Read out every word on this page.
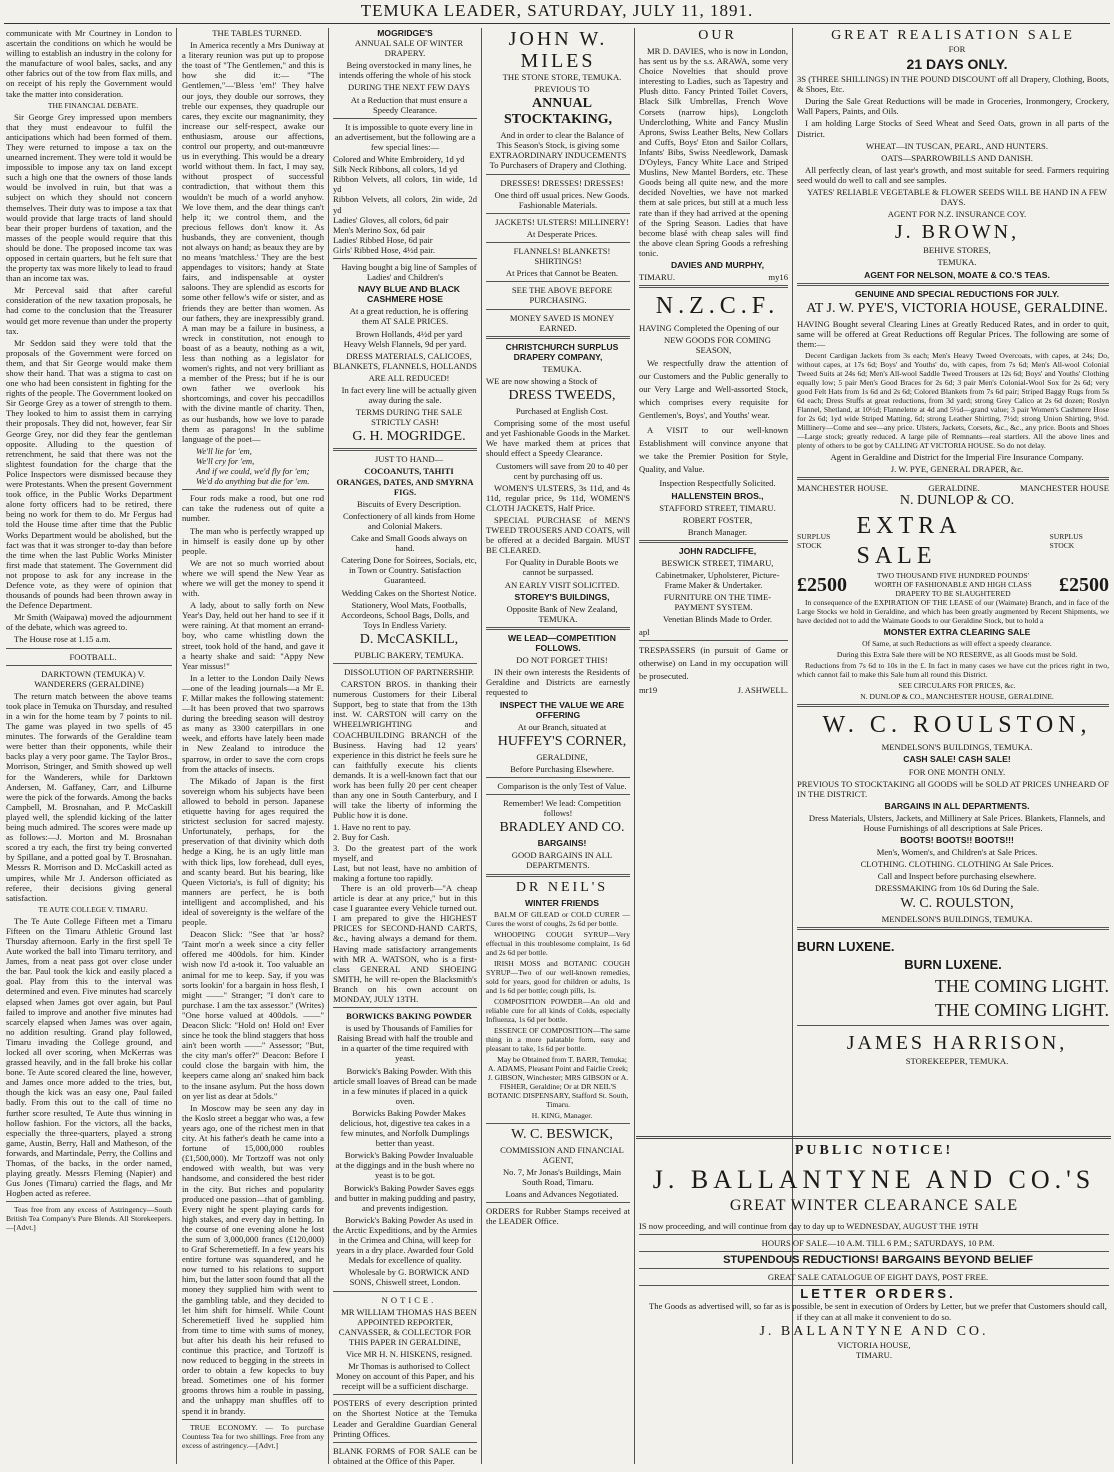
TEMUKA LEADER, SATURDAY, JULY 11, 1891.

communicate with Mr Courtney in London to ascertain the conditions on which he would be willing to establish an industry in the colony for the manufacture of wool bales, sacks, and any other fabrics out of the tow from flax mills, and on receipt of his reply the Government would take the matter into consideration.

THE FINANCIAL DEBATE.

Sir George Grey impressed upon members that they must endeavour to fulfil the anticipations which had been formed of them. They were returned to impose a tax on the unearned increment. They were told it would be impossible to impose any tax on land except such a high one that the owners of those lands would be involved in ruin, but that was a subject on which they should not concern themselves. Their duty was to impose a tax that would provide that large tracts of land should bear their proper burdens of taxation, and the masses of the people would require that this should be done. The proposed income tax was opposed in certain quarters, but he felt sure that the property tax was more likely to lead to fraud than an income tax was.

Mr Perceval said that after careful consideration of the new taxation proposals, he had come to the conclusion that the Treasurer would get more revenue than under the property tax.

Mr Seddon said they were told that the proposals of the Government were forced on them, and that Sir George would make them show their hand. That was a stigma to cast on one who had been consistent in fighting for the rights of the people. The Government looked on Sir George Grey as a tower of strength to them. They looked to him to assist them in carrying their proposals. They did not, however, fear Sir George Grey, nor did they fear the gentleman opposite. Alluding to the question of retrenchment, he said that there was not the slightest foundation for the charge that the Police Inspectors were dismissed because they were Protestants. When the present Government took office, in the Public Works Department alone forty officers had to be retired, there being no work for them to do. Mr Fergus had told the House time after time that the Public Works Department would be abolished, but the fact was that it was stronger to-day than before the time when the last Public Works Minister first made that statement. The Government did not propose to ask for any increase in the Defence vote, as they were of opinion that thousands of pounds had been thrown away in the Defence Department.

Mr Smith (Waipawa) moved the adjournment of the debate, which was agreed to.

The House rose at 1.15 a.m.

FOOTBALL.

DARKTOWN (TEMUKA) V. WANDERERS (GERALDINE)

The return match between the above teams took place in Temuka on Thursday, and resulted in a win for the home team by 7 points to nil. The game was played in two spells of 45 minutes. The forwards of the Geraldine team were better than their opponents, while their backs play a very poor game. The Taylor Bros., Morrison, Stringer, and Smith showed up well for the Wanderers, while for Darktown Andersen, M. Gaffaney, Carr, and Lilburne were the pick of the forwards. Among the backs Campbell, M. Brosnahan, and P. McCaskill played well, the splendid kicking of the latter being much admired. The scores were made up as follows:—J. Morton and M. Brosnahan scored a try each, the first try being converted by Spillane, and a potted goal by T. Brosnahan. Messrs R. Morrison and D. McCaskill acted as umpires, while Mr J. Anderson officiated as referee, their decisions giving general satisfaction.

TE AUTE COLLEGE V. TIMARU.

The Te Aute College Fifteen met a Timaru Fifteen on the Timaru Athletic Ground last Thursday afternoon. Early in the first spell Te Aute worked the ball into Timaru territory, and James, from a neat pass got over close under the bar. Paul took the kick and easily placed a goal. Play from this to the interval was determined and even. Five minutes had scarcely elapsed when James got over again, but Paul failed to improve and another five minutes had scarcely elapsed when James was over again, no addition resulting. Grand play followed, Timaru invading the College ground, and locked all over scoring, when McKerras was grassed heavily, and in the fall broke his collar bone. Te Aute scored cleared the line, however, and James once more added to the tries, but, though the kick was an easy one, Paul failed badly. From this out to the call of time no further score resulted, Te Aute thus winning in hollow fashion. For the victors, all the backs, especially the three-quarters, played a strong game, Austin, Berry, Hall and Matheson, of the forwards, and Martindale, Perry, the Collins and Thomas, of the backs, in the order named, playing greatly. Messrs Fleming (Napier) and Gus Jones (Timaru) carried the flags, and Mr Hogben acted as referee.

Teas free from any excess of Astringency—South British Tea Company's Pure Blends. All Storekeepers.—[Advt.]

THE TABLES TURNED.

In America recently a Mrs Duniway at a literary reunion was put up to propose the toast of "The Gentlemen," and this is how she did it:— "The Gentlemen,"—'Bless 'em!' They halve our joys, they double our sorrows, they treble our expenses, they quadruple our cares, they excite our magnanimity, they increase our self-respect, awake our enthusiasm, arouse our affections, control our property, and out-manœuvre us in everything. This would be a dreary world without them. In fact, I may say, without prospect of successful contradiction, that without them this wouldn't be much of a world anyhow. We love them, and the dear things can't help it; we control them, and the precious fellows don't know it. As husbands, they are convenient, though not always on hand; as beaux they are by no means 'matchless.' They are the best appendages to visitors; handy at State fairs, and indispensable at oyster saloons. They are splendid as escorts for some other fellow's wife or sister, and as friends they are better than women. As our fathers, they are inexpressibly grand. A man may be a failure in business, a wreck in constitution, not enough to boast of as a beauty, nothing as a wit, less than nothing as a legislator for women's rights, and not very brilliant as a member of the Press; but if he is our own father we overlook his shortcomings, and cover his peccadillos with the divine mantle of charity. Then, as our husbands, how we love to parade them as paragons! In the sublime language of the poet—

We'll lie for 'em,
We'll cry for 'em,
And if we could, we'd fly for 'em;
We'd do anything but die for 'em.

Four rods make a rood, but one rod can take the rudeness out of quite a number.

The man who is perfectly wrapped up in himself is easily done up by other people.

We are not so much worried about where we will spend the New Year as where we will get the money to spend it with.

A lady, about to sally forth on New Year's Day, held out her hand to see if it were raining. At that moment an errand-boy, who came whistling down the street, took hold of the hand, and gave it a hearty shake and said: "Appy New Year missus!"

In a letter to the London Daily News—one of the leading journals—a Mr E. F. Millar makes the following statement:—It has been proved that two sparrows during the breeding season will destroy as many as 3300 caterpillars in one week, and efforts have lately been made in New Zealand to introduce the sparrow, in order to save the corn crops from the attacks of insects.

The Mikado of Japan is the first sovereign whom his subjects have been allowed to behold in person. Japanese etiquette having for ages required the strictest seclusion for sacred majesty. Unfortunately, perhaps, for the preservation of that divinity which doth hedge a King, he is an ugly little man with thick lips, low forehead, dull eyes, and scanty beard. But his bearing, like Queen Victoria's, is full of dignity; his manners are perfect, he is both intelligent and accomplished, and his ideal of sovereignty is the welfare of the people.

Deacon Slick: "See that 'ar hoss? 'Taint mor'n a week since a city feller offered me 400dols. for him. Kinder wish now I'd a-took it. Too valuable an animal for me to keep. Say, if you was sorts lookin' for a bargain in hoss flesh, I might ——" Stranger; "I don't care to purchase. I am the tax assessor." (Writes) "One horse valued at 400dols. ——" Deacon Slick: "Hold on! Hold on! Ever since he took the blind staggers that hoss ain't been worth ——" Assessor; "But, the city man's offer?" Deacon: Before I could close the bargain with him, the keepers came along an' snaked him back to the insane asylum. Put the hoss down on yer list as dear at 5dols."

In Moscow may be seen any day in the Koslo street a beggar who was, a few years ago, one of the richest men in that city. At his father's death he came into a fortune of 15,000,000 roubles (£1,500,000). Mr Tortzoff was not only endowed with wealth, but was very handsome, and considered the best rider in the city. But riches and popularity produced one passion—that of gambling. Every night he spent playing cards for high stakes, and every day in betting. In the course of one evening alone he lost the sum of 3,000,000 francs (£120,000) to Graf Scheremetieff. In a few years his entire fortune was squandered, and he now turned to his relations to support him, but the latter soon found that all the money they supplied him with went to the gambling table, and they decided to let him shift for himself. While Count Scheremetieff lived he supplied him from time to time with sums of money, but after his death his heir refused to continue this practice, and Tortzoff is now reduced to begging in the streets in order to obtain a few kopecks to buy bread. Sometimes one of his former grooms throws him a rouble in passing, and the unhappy man shuffles off to spend it in brandy.

TRUE ECONOMY. — To purchase Countess Tea for two shillings. Free from any excess of astringency.—[Advt.]

MOGRIDGE'S

ANNUAL SALE OF WINTER DRAPERY.

Being overstocked in many lines, he intends offering the whole of his stock

DURING THE NEXT FEW DAYS

At a Reduction that must ensure a Speedy Clearance.

It is impossible to quote every line in an advertisement, but the following are a few special lines:—

Colored and White Embroidery, 1d yd
Silk Neck Ribbons, all colors, 1d yd
Ribbon Velvets, all colors, 1in wide, 1d yd
Ribbon Velvets, all colors, 2in wide, 2d yd
Ladies' Gloves, all colors, 6d pair
Men's Merino Sox, 6d pair
Ladies' Ribbed Hose, 6d pair
Girls' Ribbed Hose, 4½d pair.

Having bought a big line of Samples of Ladies' and Children's

NAVY BLUE AND BLACK CASHMERE HOSE

At a great reduction, he is offering them AT SALE PRICES.

Brown Hollands, 4½d per yard
Heavy Welsh Flannels, 9d per yard.

DRESS MATERIALS, CALICOES, BLANKETS, FLANNELS, HOLLANDS

ARE ALL REDUCED!

In fact every line will be actually given away during the sale.

TERMS DURING THE SALE STRICTLY CASH!

G. H. MOGRIDGE.

JUST TO HAND—

COCOANUTS, TAHITI ORANGES, DATES, AND SMYRNA FIGS.

Biscuits of Every Description.

Confectionery of all kinds from Home and Colonial Makers.

Cake and Small Goods always on hand.

Catering Done for Soirees, Socials, etc, in Town or Country. Satisfaction Guaranteed.

Wedding Cakes on the Shortest Notice.

Stationery, Wool Mats, Footballs, Accordeons, School Bags, Dolls, and Toys In Endless Variety.

D. McCASKILL,

PUBLIC BAKERY, TEMUKA.

DISSOLUTION OF PARTNERSHIP.

CARSTON BROS. in thanking their numerous Customers for their Liberal Support, beg to state that from the 13th inst. W. CARSTON will carry on the WHEELWRIGHTING and COACHBUILDING BRANCH of the Business. Having had 12 years' experience in this district he feels sure he can faithfully execute his clients demands. It is a well-known fact that our work has been fully 20 per cent cheaper than any one in South Canterbury, and I will take the liberty of informing the Public how it is done.

1. Have no rent to pay.
2. Buy for Cash.
3. Do the greatest part of the work myself, and
Last, but not least, have no ambition of making a fortune too rapidly.

There is an old proverb—"A cheap article is dear at any price," but in this case I guarantee every Vehicle turned out. I am prepared to give the HIGHEST PRICES for SECOND-HAND CARTS, &c., having always a demand for them. Having made satisfactory arrangements with MR A. WATSON, who is a first-class GENERAL AND SHOEING SMITH, he will re-open the Blacksmith's Branch on his own account on MONDAY, JULY 13TH.

BORWICKS BAKING POWDER

is used by Thousands of Families for Raising Bread with half the trouble and in a quarter of the time required with yeast.

Borwick's Baking Powder. With this article small loaves of Bread can be made in a few minutes if placed in a quick oven.

Borwicks Baking Powder Makes delicious, hot, digestive tea cakes in a few minutes, and Norfolk Dumplings better than yeast.

Borwick's Baking Powder Invaluable at the diggings and in the bush where no yeast is to be got.

Borwick's Baking Powder Saves eggs and butter in making pudding and pastry, and prevents indigestion.

Borwick's Baking Powder As used in the Arctic Expeditions, and by the Armies in the Crimea and China, will keep for years in a dry place. Awarded four Gold Medals for excellence of quality.

Wholesale by G. BORWICK AND SONS, Chiswell street, London.

NOTICE.

MR WILLIAM THOMAS HAS BEEN APPOINTED REPORTER, CANVASSER, & COLLECTOR FOR THIS PAPER IN GERALDINE,

Vice MR H. N. HISKENS, resigned.

Mr Thomas is authorised to Collect Money on account of this Paper, and his receipt will be a sufficient discharge.

POSTERS of every description printed on the Shortest Notice at the Temuka Leader and Geraldine Guardian General Printing Offices.

BLANK FORMS of FOR SALE can be obtained at the Office of this Paper.

JOHN W. MILES

THE STONE STORE, TEMUKA.

PREVIOUS TO

ANNUAL STOCKTAKING,

And in order to clear the Balance of This Season's Stock, is giving some EXTRAORDINARY INDUCEMENTS To Purchasers of Drapery and Clothing.

DRESSES! DRESSES! DRESSES!

One third off usual prices. New Goods. Fashionable Materials.

JACKETS! ULSTERS! MILLINERY!

At Desperate Prices.

FLANNELS! BLANKETS! SHIRTINGS!

At Prices that Cannot be Beaten.

SEE THE ABOVE BEFORE PURCHASING.

MONEY SAVED IS MONEY EARNED.

CHRISTCHURCH SURPLUS DRAPERY COMPANY,

TEMUKA.

WE are now showing a Stock of

DRESS TWEEDS,

Purchased at English Cost.

Comprising some of the most useful and yet Fashionable Goods in the Market. We have marked them at prices that should effect a Speedy Clearance.

Customers will save from 20 to 40 per cent by purchasing off us.

WOMEN'S ULSTERS, 3s 11d, and 4s 11d, regular price, 9s 11d, WOMEN'S CLOTH JACKETS, Half Price.

SPECIAL PURCHASE of MEN'S TWEED TROUSERS AND COATS, will be offered at a decided Bargain. MUST BE CLEARED.

For Quality in Durable Boots we cannot be surpassed.

AN EARLY VISIT SOLICITED.

STOREY'S BUILDINGS,

Opposite Bank of New Zealand, TEMUKA.

WE LEAD—COMPETITION FOLLOWS.

DO NOT FORGET THIS!

IN their own interests the Residents of Geraldine and Districts are earnestly requested to

INSPECT THE VALUE WE ARE OFFERING

At our Branch, situated at

HUFFEY'S CORNER,

GERALDINE,

Before Purchasing Elsewhere.

Comparison is the only Test of Value.

Remember! We lead: Competition follows!

BRADLEY AND CO.

BARGAINS!

GOOD BARGAINS IN ALL DEPARTMENTS.

DR NEIL'S

WINTER FRIENDS

BALM OF GILEAD or COLD CURER —Cures the worst of coughs, 2s 6d per bottle.

WHOOPING COUGH SYRUP—Very effectual in this troublesome complaint, 1s 6d and 2s 6d per bottle.

IRISH MOSS and BOTANIC COUGH SYRUP—Two of our well-known remedies, sold for years, good for children or adults, 1s and 1s 6d per bottle; cough pills, 1s.

COMPOSITION POWDER—An old and reliable cure for all kinds of Colds, especially Influenza, 1s 6d per bottle.

ESSENCE OF COMPOSITION—The same thing in a more palatable form, easy and pleasant to take, 1s 6d per bottle.

May be Obtained from T. BARR, Temuka; A. ADAMS, Pleasant Point and Fairlie Creek; J. GIBSON, Winchester; MRS GIBSON or A. FISHER, Geraldine; Or at DR NEIL'S BOTANIC DISPENSARY, Stafford St. South, Timaru.

H. KING, Manager.

W. C. BESWICK,

COMMISSION AND FINANCIAL AGENT,

No. 7, Mr Jonas's Buildings, Main South Road, Timaru.

Loans and Advances Negotiated.

ORDERS for Rubber Stamps received at the LEADER Office.

OUR

MR D. DAVIES, who is now in London, has sent us by the s.s. ARAWA, some very Choice Novelties that should prove interesting to Ladies, such as Tapestry and Plush ditto. Fancy Printed Toilet Covers, Black Silk Umbrellas, French Wove Corsets (narrow hips), Longcloth Underclothing, White and Fancy Muslin Aprons, Swiss Leather Belts, New Collars and Cuffs, Boys' Eton and Sailor Collars, Infants' Bibs, Swiss Needlework, Damask D'Oyleys, Fancy White Lace and Striped Muslins, New Mantel Borders, etc. These Goods being all quite new, and the more decided Novelties, we have not marked them at sale prices, but still at a much less rate than if they had arrived at the opening of the Spring Season. Ladies that have become blasé with cheap sales will find the above clean Spring Goods a refreshing tonic.

DAVIES AND MURPHY,

TIMARU.	my16

N.Z.C.F.

HAVING Completed the Opening of our

NEW GOODS FOR COMING SEASON,

We respectfully draw the attention of our Customers and the Public generally to our Very Large and Well-assorted Stock, which comprises every requisite for Gentlemen's, Boys', and Youths' wear.

A VISIT to our well-known Establishment will convince anyone that we take the Premier Position for Style, Quality, and Value.

Inspection Respectfully Solicited.

HALLENSTEIN BROS.,

STAFFORD STREET, TIMARU.

ROBERT FOSTER,

Branch Manager.

JOHN RADCLIFFE,

BESWICK STREET, TIMARU,

Cabinetmaker, Upholsterer, Picture-Frame Maker & Undertaker.

FURNITURE ON THE TIME-PAYMENT SYSTEM.

Venetian Blinds Made to Order.

apl

TRESPASSERS (in pursuit of Game or otherwise) on Land in my occupation will be prosecuted.

mr19	J. ASHWELL.
GREAT REALISATION SALE

FOR

21 DAYS ONLY.

3S (THREE SHILLINGS) IN THE POUND DISCOUNT off all Drapery, Clothing, Boots, & Shoes, Etc.

During the Sale Great Reductions will be made in Groceries, Ironmongery, Crockery, Wall Papers, Paints, and Oils.

I am holding Large Stocks of Seed Wheat and Seed Oats, grown in all parts of the District.

WHEAT—IN TUSCAN, PEARL, AND HUNTERS.

OATS—SPARROWBILLS AND DANISH.

All perfectly clean, of last year's growth, and most suitable for seed. Farmers requiring seed would do well to call and see samples.

YATES' RELIABLE VEGETABLE & FLOWER SEEDS WILL BE HAND IN A FEW DAYS.

AGENT FOR N.Z. INSURANCE COY.

J. BROWN,

BEHIVE STORES,

TEMUKA.

AGENT FOR NELSON, MOATE & CO.'S TEAS.

GENUINE AND SPECIAL REDUCTIONS FOR JULY.

AT J. W. PYE'S, VICTORIA HOUSE, GERALDINE.

HAVING Bought several Clearing Lines at Greatly Reduced Rates, and in order to quit, same will be offered at Great Reductions off Regular Prices. The following are some of them:—

Decent Cardigan Jackets from 3s each; Men's Heavy Tweed Overcoats, with capes, at 24s; Do, without capes, at 17s 6d; Boys' and Youths' do, with capes, from 7s 6d; Men's All-wool Colonial Tweed Suits at 24s 6d; Men's All-wool Saddle Tweed Trousers at 12s 6d; Boys' and Youths' Clothing equally low; 5 pair Men's Good Braces for 2s 6d; 3 pair Men's Colonial-Wool Sox for 2s 6d; very good Felt Hats from 1s 6d and 2s 6d; Colored Blankets from 7s 6d pair; Striped Baggy Rugs from 5s 6d each; Dress Stuffs at great reductions, from 3d yard; strong Grey Calico at 2s 6d dozen; Roslyn Flannel, Shetland, at 10½d; Flannelette at 4d and 5½d—grand value; 3 pair Women's Cashmere Hose for 2s 6d; 1yd wide Striped Matting, 6d; strong Leather Shirting, 7½d; strong Union Shirting, 9½d. Millinery—Come and see—any price. Ulsters, Jackets, Corsets, &c., &c., any price. Boots and Shoes—Large stock; greatly reduced. A large pile of Remnants—real startlers. All the above lines and plenty of others to be got by CALLING AT VICTORIA HOUSE. So do not delay.

Agent in Geraldine and District for the Imperial Fire Insurance Company.

J. W. PYE, GENERAL DRAPER, &c.

MANCHESTER HOUSE.	GERALDINE.	MANCHESTER HOUSE

N. DUNLOP & CO.

SURPLUS STOCK
EXTRA SALE
SURPLUS STOCK
£2500	TWO THOUSAND FIVE HUNDRED POUNDS' WORTH OF FASHIONABLE AND HIGH CLASS DRAPERY TO BE SLAUGHTERED	£2500

In consequence of the EXPIRATION OF THE LEASE of our (Waimate) Branch, and in face of the Large Stocks we hold in Geraldine, and which has been greatly augmented by Recent Shipments, we have decided not to add the Waimate Goods to our Geraldine Stock, but to hold a

MONSTER EXTRA CLEARING SALE

Of Same, at such Reductions as will effect a speedy clearance.

During this Extra Sale there will be NO RESERVE, as all Goods must be Sold.

Reductions from 7s 6d to 10s in the £. In fact in many cases we have cut the prices right in two, which cannot fail to make this Sale hum all round this District.

SEE CIRCULARS FOR PRICES, &c.

N. DUNLOP & CO., MANCHESTER HOUSE, GERALDINE.

W. C. ROULSTON,

MENDELSON'S BUILDINGS, TEMUKA.

CASH SALE! CASH SALE!

FOR ONE MONTH ONLY.

PREVIOUS TO STOCKTAKING all GOODS will be SOLD AT PRICES UNHEARD OF IN THE DISTRICT.

BARGAINS IN ALL DEPARTMENTS.

Dress Materials, Ulsters, Jackets, and Millinery at Sale Prices. Blankets, Flannels, and House Furnishings of all descriptions at Sale Prices.

BOOTS! BOOTS!! BOOTS!!!

Men's, Women's, and Children's at Sale Prices.

CLOTHING. CLOTHING. CLOTHING At Sale Prices.

Call and Inspect before purchasing elsewhere.

DRESSMAKING from 10s 6d During the Sale.

W. C. ROULSTON,

MENDELSON'S BUILDINGS, TEMUKA.

BURN LUXENE.
BURN LUXENE.
THE COMING LIGHT.
THE COMING LIGHT.

JAMES HARRISON,

STOREKEEPER, TEMUKA.

PUBLIC NOTICE!
J. BALLANTYNE AND CO.'S
GREAT WINTER CLEARANCE SALE

IS now proceeding, and will continue from day to day up to WEDNESDAY, AUGUST THE 19TH

HOURS OF SALE—10 A.M. TILL 6 P.M.; SATURDAYS, 10 P.M.

STUPENDOUS REDUCTIONS! BARGAINS BEYOND BELIEF

GREAT SALE CATALOGUE OF EIGHT DAYS, POST FREE.

LETTER ORDERS.

The Goods as advertised will, so far as is possible, be sent in execution of Orders by Letter, but we prefer that Customers should call, if they can at all make it convenient to do so.

J. BALLANTYNE AND CO.
VICTORIA HOUSE,
TIMARU.
